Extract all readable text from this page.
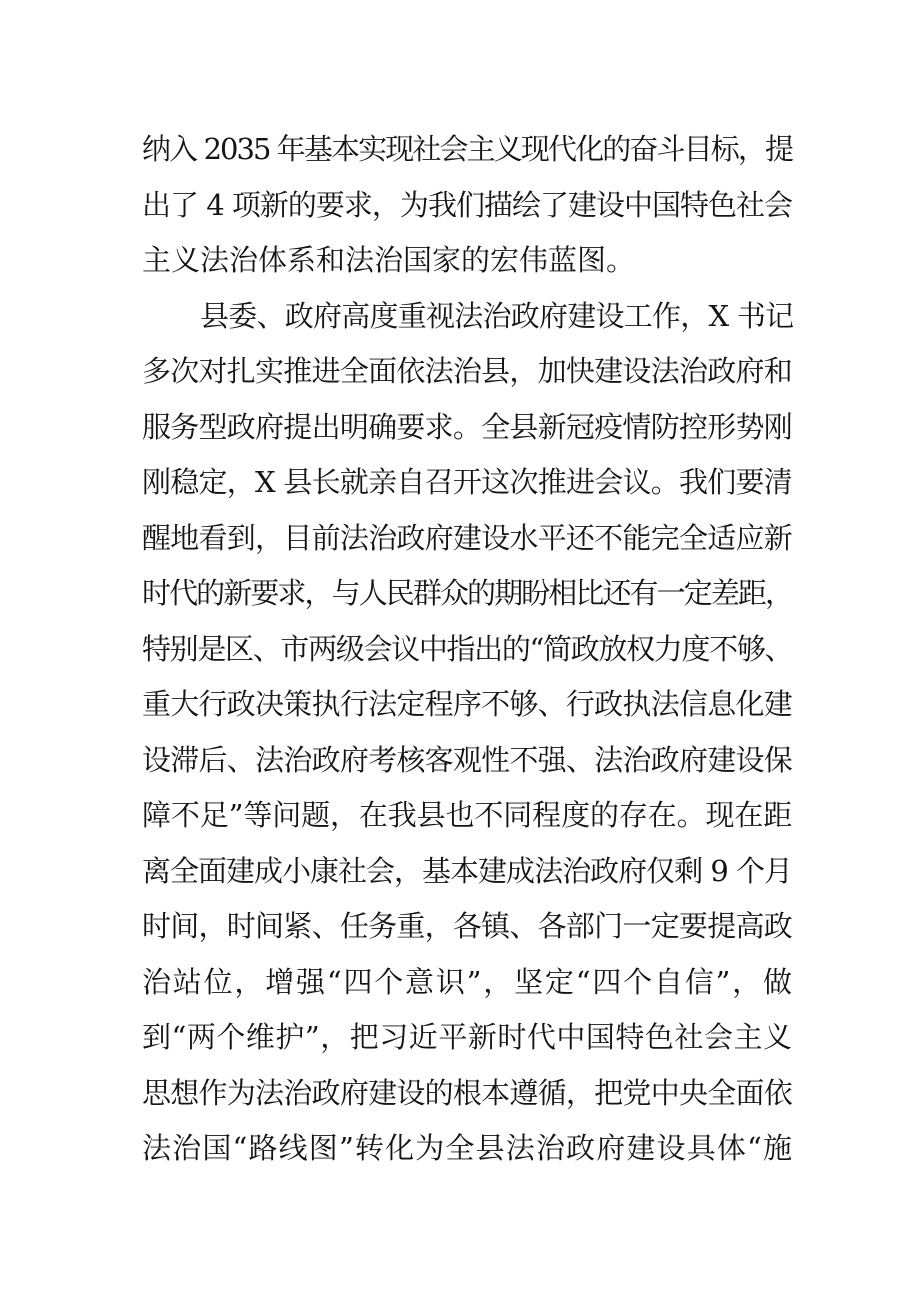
纳入 2035 年基本实现社会主义现代化的奋斗目标，提
出了 4 项新的要求，为我们描绘了建设中国特色社会
主义法治体系和法治国家的宏伟蓝图。
县委、政府高度重视法治政府建设工作，X 书记
多次对扎实推进全面依法治县，加快建设法治政府和
服务型政府提出明确要求。全县新冠疫情防控形势刚
刚稳定，X 县长就亲自召开这次推进会议。我们要清
醒地看到，目前法治政府建设水平还不能完全适应新
时代的新要求，与人民群众的期盼相比还有一定差距，
特别是区、市两级会议中指出的“简政放权力度不够、
重大行政决策执行法定程序不够、行政执法信息化建
设滞后、法治政府考核客观性不强、法治政府建设保
障不足”等问题，在我县也不同程度的存在。现在距
离全面建成小康社会，基本建成法治政府仅剩 9 个月
时间，时间紧、任务重，各镇、各部门一定要提高政
治站位，增强“四个意识”，坚定“四个自信”，做
到“两个维护”，把习近平新时代中国特色社会主义
思想作为法治政府建设的根本遵循，把党中央全面依
法治国“路线图”转化为全县法治政府建设具体“施
